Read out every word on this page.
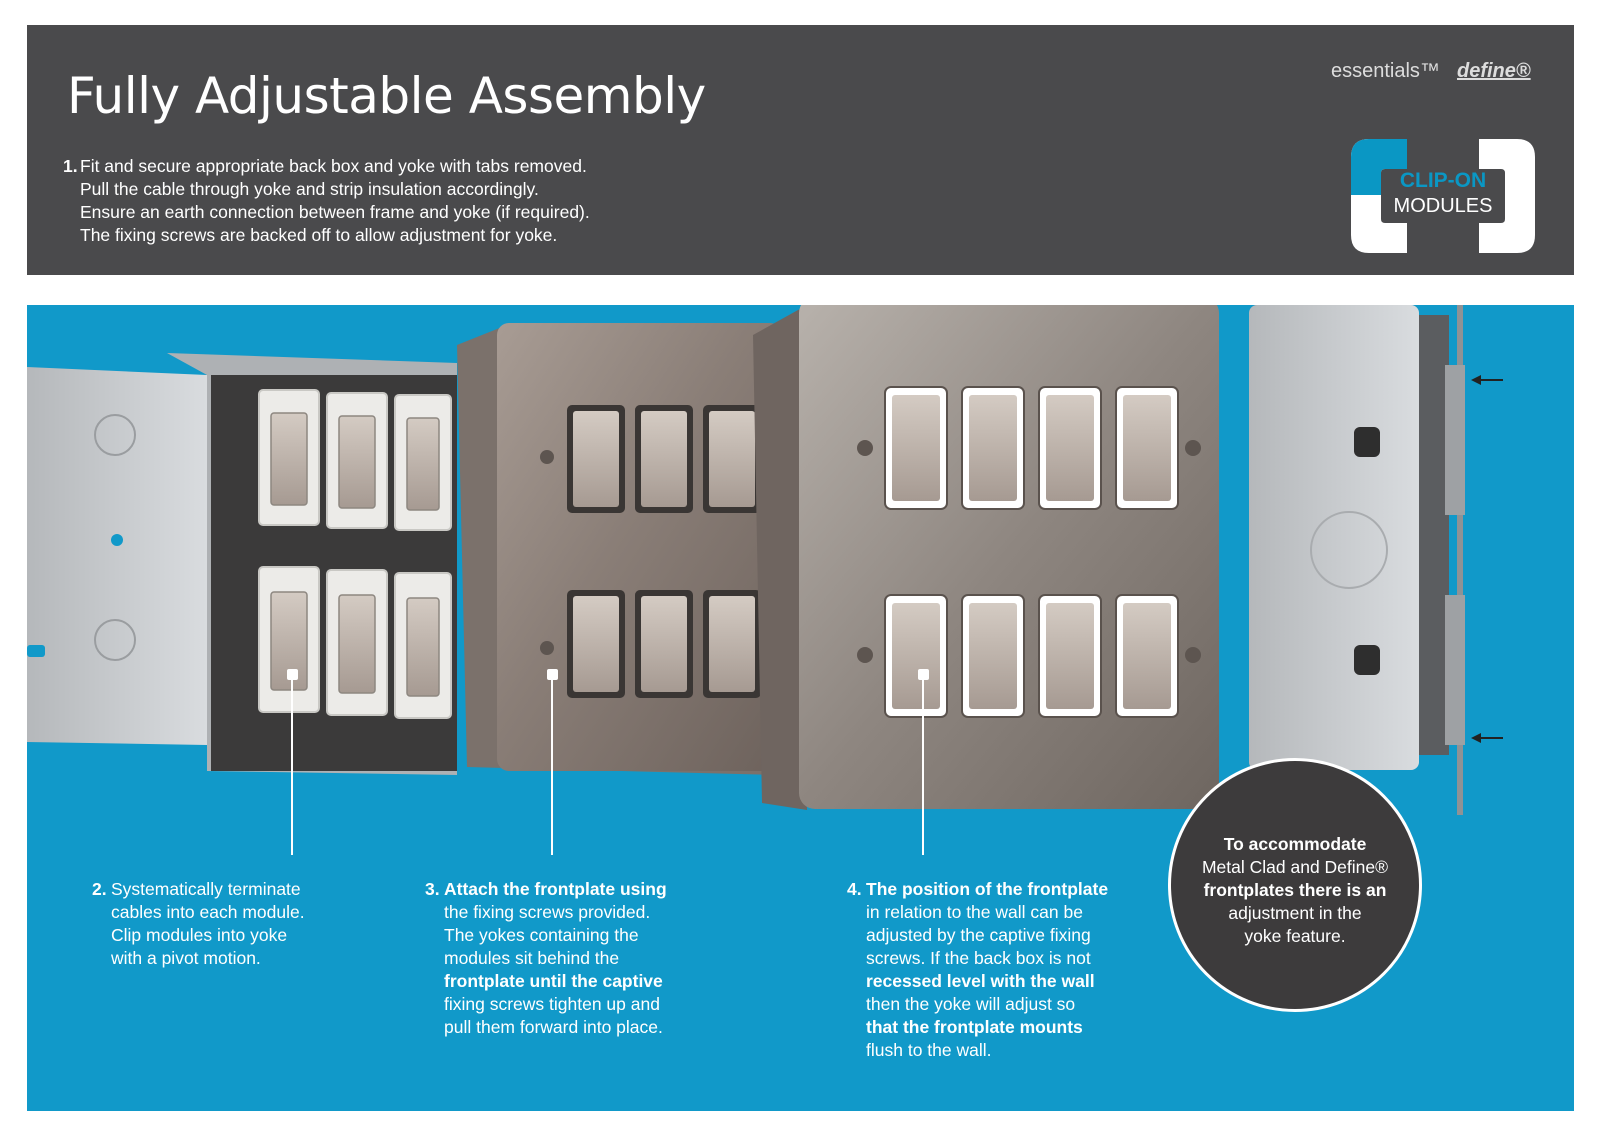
Fully Adjustable Assembly
1. Fit and secure appropriate back box and yoke with tabs removed.
Pull the cable through yoke and strip insulation accordingly.
Ensure an earth connection between frame and yoke (if required).
The fixing screws are backed off to allow adjustment for yoke.
essentials™ define®
CLIP-ON
MODULES
2. Systematically terminate
cables into each module.
Clip modules into yoke
with a pivot motion.
3. Attach the frontplate using
the fixing screws provided.
The yokes containing the
modules sit behind the
frontplate until the captive
fixing screws tighten up and
pull them forward into place.
4. The position of the frontplate
in relation to the wall can be
adjusted by the captive fixing
screws. If the back box is not
recessed level with the wall
then the yoke will adjust so
that the frontplate mounts
flush to the wall.
To accommodate
Metal Clad and Define®
frontplates there is an
adjustment in the
yoke feature.
